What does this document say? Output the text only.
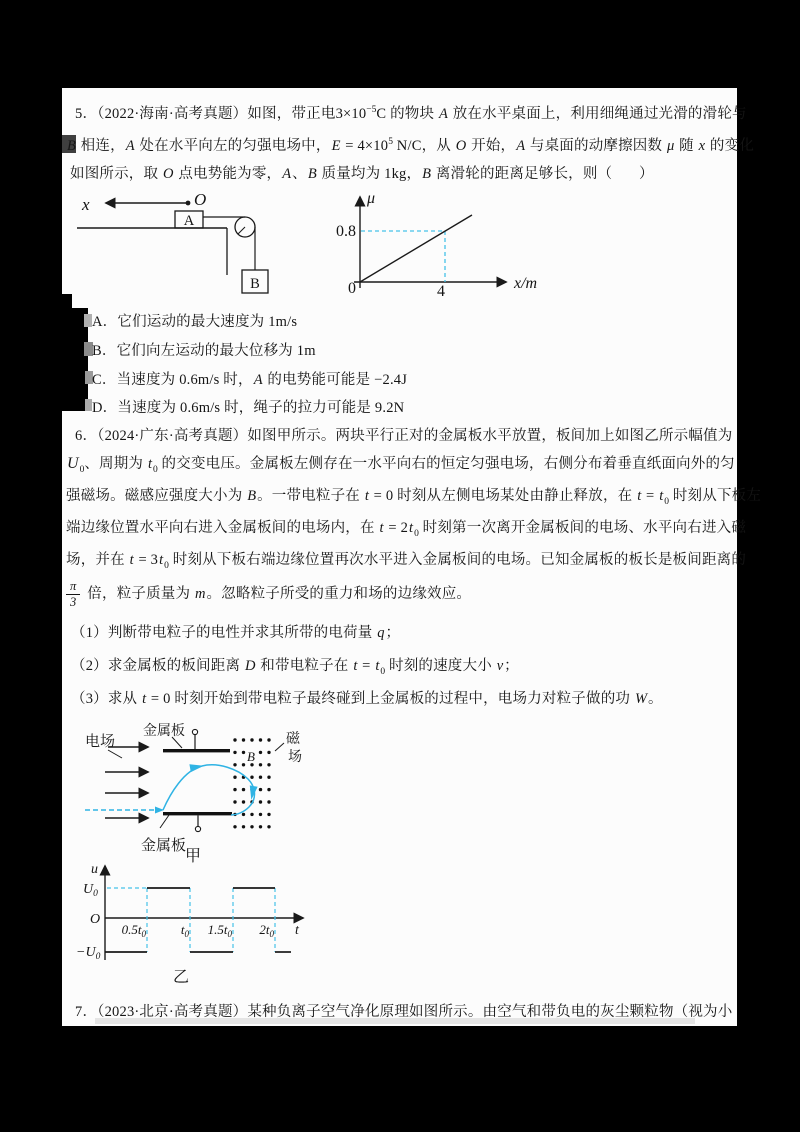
5．（2022·海南·高考真题）如图，带正电$3\times 10^{-5}C$ 的物块 A 放在水平桌面上，利用细绳通过光滑的滑轮与
B 相连，A 处在水平向左的匀强电场中，$E = 4\times 10^5$ N/C，从 O 开始，A 与桌面的动摩擦因数 μ 随 x 的变化
如图所示，取 O 点电势能为零，A、B 质量均为 1kg，B 离滑轮的距离足够长，则（       ）
x	O
A
B
μ
x/m
0.8
0	4
A．它们运动的最大速度为 1m/s
B．它们向左运动的最大位移为 1m
C．当速度为 0.6m/s 时，A 的电势能可能是 −2.4J
D．当速度为 0.6m/s 时，绳子的拉力可能是 9.2N
6．（2024·广东·高考真题）如图甲所示。两块平行正对的金属板水平放置，板间加上如图乙所示幅值为
$U_0$、周期为 $t_0$ 的交变电压。金属板左侧存在一水平向右的恒定匀强电场，右侧分布着垂直纸面向外的匀
强磁场。磁感应强度大小为 B。一带电粒子在 t = 0 时刻从左侧电场某处由静止释放，在 $t = t_0$ 时刻从下板左
端边缘位置水平向右进入金属板间的电场内，在 $t = 2t_0$ 时刻第一次离开金属板间的电场、水平向右进入磁
场，并在 $t = 3t_0$ 时刻从下板右端边缘位置再次水平进入金属板间的电场。已知金属板的板长是板间距离的
$\frac{\pi}{3}$ 倍，粒子质量为 m 。忽略粒子所受的重力和场的边缘效应。
（1）判断带电粒子的电性并求其所带的电荷量 q；
（2）求金属板的板间距离 D 和带电粒子在 $t = t_0$ 时刻的速度大小 v；
（3）求从 t = 0 时刻开始到带电粒子最终碰到上金属板的过程中，电场力对粒子做的功 W。
电场
金属板
金属板
B
磁
场
甲
u
$U_0$
O
$-U_0$
$0.5t_0$	$t_0$ $1.5t_0$ $2t_0$ t
乙
7．（2023·北京·高考真题）某种负离子空气净化原理如图所示。由空气和带负电的灰尘颗粒物（视为小
